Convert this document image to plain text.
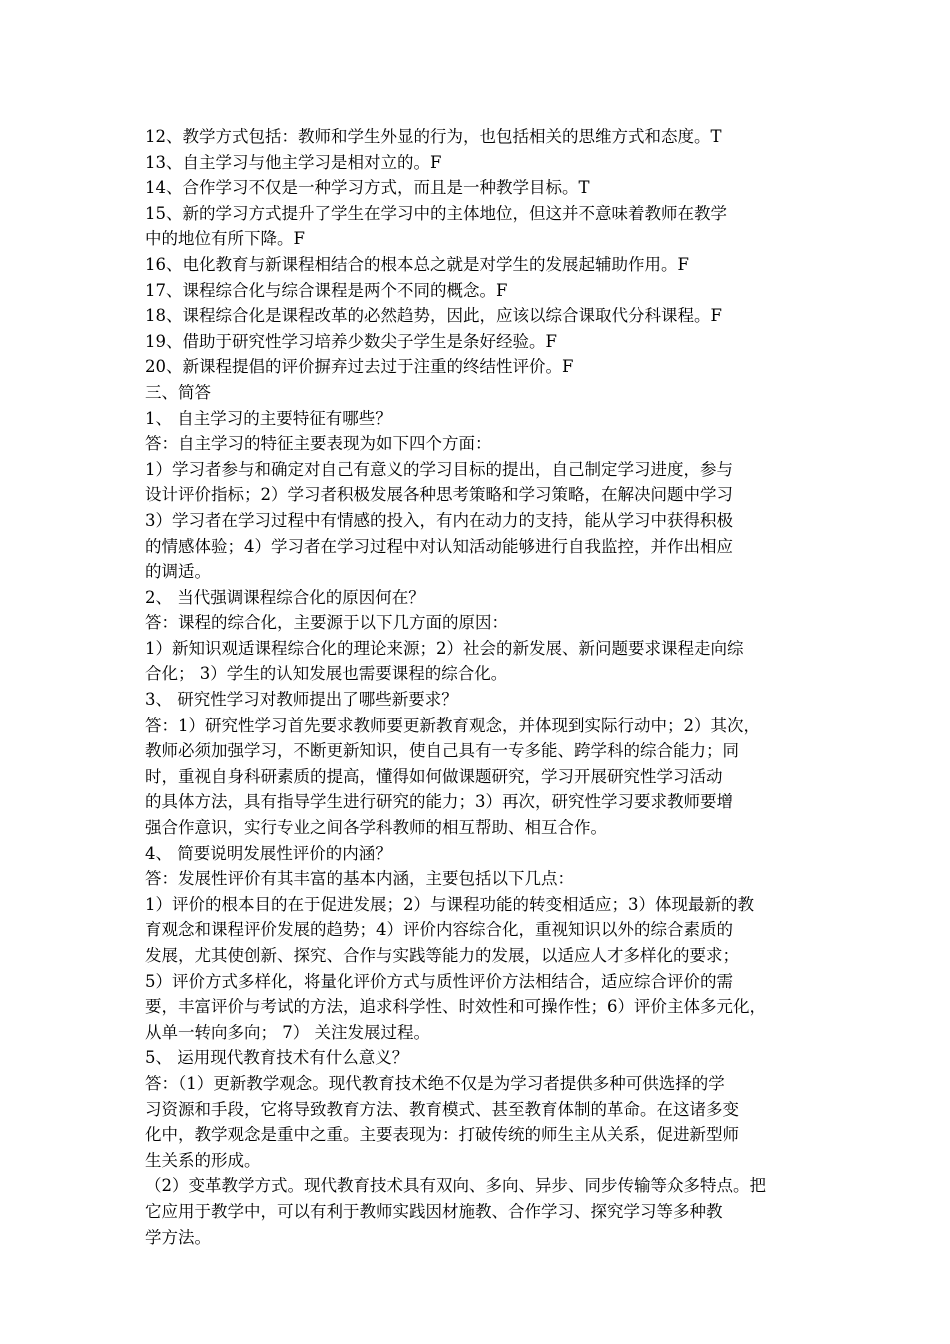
12、教学方式包括：教师和学生外显的行为，也包括相关的思维方式和态度。T
13、自主学习与他主学习是相对立的。F
14、合作学习不仅是一种学习方式，而且是一种教学目标。T
15、新的学习方式提升了学生在学习中的主体地位，但这并不意味着教师在教学
中的地位有所下降。F
16、电化教育与新课程相结合的根本总之就是对学生的发展起辅助作用。F
17、课程综合化与综合课程是两个不同的概念。F
18、课程综合化是课程改革的必然趋势，因此，应该以综合课取代分科课程。F
19、借助于研究性学习培养少数尖子学生是条好经验。F
20、新课程提倡的评价摒弃过去过于注重的终结性评价。F
三、简答
1、 自主学习的主要特征有哪些？
答：自主学习的特征主要表现为如下四个方面：
1）学习者参与和确定对自己有意义的学习目标的提出，自己制定学习进度，参与
设计评价指标；2）学习者积极发展各种思考策略和学习策略，在解决问题中学习
3）学习者在学习过程中有情感的投入，有内在动力的支持，能从学习中获得积极
的情感体验；4）学习者在学习过程中对认知活动能够进行自我监控，并作出相应
的调适。
2、 当代强调课程综合化的原因何在？
答：课程的综合化，主要源于以下几方面的原因：
1）新知识观适课程综合化的理论来源；2）社会的新发展、新问题要求课程走向综
合化； 3）学生的认知发展也需要课程的综合化。
3、 研究性学习对教师提出了哪些新要求？
答：1）研究性学习首先要求教师要更新教育观念，并体现到实际行动中；2）其次，
教师必须加强学习，不断更新知识，使自己具有一专多能、跨学科的综合能力；同
时，重视自身科研素质的提高，懂得如何做课题研究，学习开展研究性学习活动
的具体方法，具有指导学生进行研究的能力；3）再次，研究性学习要求教师要增
强合作意识，实行专业之间各学科教师的相互帮助、相互合作。
4、 简要说明发展性评价的内涵？
答：发展性评价有其丰富的基本内涵，主要包括以下几点：
1）评价的根本目的在于促进发展；2）与课程功能的转变相适应；3）体现最新的教
育观念和课程评价发展的趋势；4）评价内容综合化，重视知识以外的综合素质的
发展，尤其使创新、探究、合作与实践等能力的发展，以适应人才多样化的要求；
5）评价方式多样化，将量化评价方式与质性评价方法相结合，适应综合评价的需
要，丰富评价与考试的方法，追求科学性、时效性和可操作性；6）评价主体多元化，
从单一转向多向； 7） 关注发展过程。
5、 运用现代教育技术有什么意义？
答：（1）更新教学观念。现代教育技术绝不仅是为学习者提供多种可供选择的学
习资源和手段，它将导致教育方法、教育模式、甚至教育体制的革命。在这诸多变
化中，教学观念是重中之重。主要表现为：打破传统的师生主从关系，促进新型师
生关系的形成。
（2）变革教学方式。现代教育技术具有双向、多向、异步、同步传输等众多特点。把
它应用于教学中，可以有利于教师实践因材施教、合作学习、探究学习等多种教
学方法。
